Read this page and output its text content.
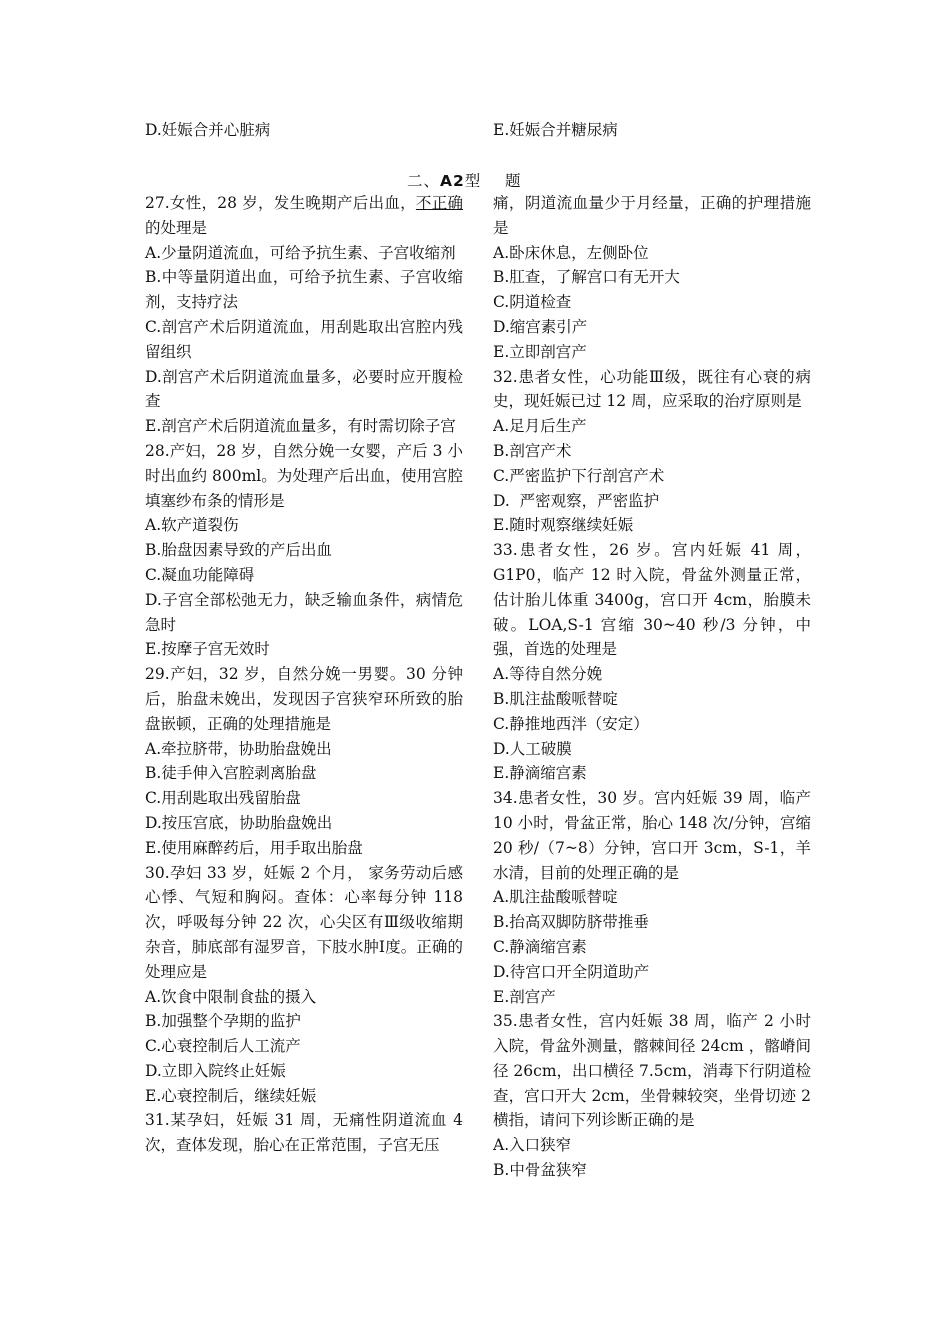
D.妊娠合并心脏病	E.妊娠合并糖尿病
二、A2型    题

27.女性，28 岁，发生晚期产后出血，不正确的处理是

A.少量阴道流血，可给予抗生素、子宫收缩剂

B.中等量阴道出血，可给予抗生素、子宫收缩剂，支持疗法

C.剖宫产术后阴道流血，用刮匙取出宫腔内残留组织

D.剖宫产术后阴道流血量多，必要时应开腹检查

E.剖宫产术后阴道流血量多，有时需切除子宫

28.产妇，28 岁，自然分娩一女婴，产后 3 小时出血约 800ml。为处理产后出血，使用宫腔填塞纱布条的情形是

A.软产道裂伤

B.胎盘因素导致的产后出血

C.凝血功能障碍

D.子宫全部松弛无力，缺乏输血条件，病情危急时

E.按摩子宫无效时

29.产妇，32 岁，自然分娩一男婴。30 分钟后，胎盘未娩出，发现因子宫狭窄环所致的胎盘嵌顿，正确的处理措施是

A.牵拉脐带，协助胎盘娩出

B.徒手伸入宫腔剥离胎盘

C.用刮匙取出残留胎盘

D.按压宫底，协助胎盘娩出

E.使用麻醉药后，用手取出胎盘

30.孕妇 33 岁，妊娠 2 个月， 家务劳动后感心悸、气短和胸闷。查体：心率每分钟 118 次，呼吸每分钟 22 次，心尖区有Ⅲ级收缩期杂音，肺底部有湿罗音，下肢水肿Ⅰ度。正确的处理应是

A.饮食中限制食盐的摄入

B.加强整个孕期的监护

C.心衰控制后人工流产

D.立即入院终止妊娠

E.心衰控制后，继续妊娠

31.某孕妇，妊娠 31 周，无痛性阴道流血 4 次，查体发现，胎心在正常范围，子宫无压

痛，阴道流血量少于月经量，正确的护理措施是

A.卧床休息，左侧卧位

B.肛查，了解宫口有无开大

C.阴道检查

D.缩宫素引产

E.立即剖宫产

32.患者女性，心功能Ⅲ级，既往有心衰的病史，现妊娠已过 12 周，应采取的治疗原则是

A.足月后生产

B.剖宫产术

C.严密监护下行剖宫产术

D.  严密观察，严密监护

E.随时观察继续妊娠

33.患者女性，26 岁。宫内妊娠 41 周，G1P0，临产 12 时入院，骨盆外测量正常，估计胎儿体重 3400g，宫口开 4cm，胎膜未破。LOA,S-1 宫缩 30~40 秒/3 分钟，中强，首选的处理是

A.等待自然分娩

B.肌注盐酸哌替啶

C.静推地西泮（安定）

D.人工破膜

E.静滴缩宫素

34.患者女性，30 岁。宫内妊娠 39 周，临产 10 小时，骨盆正常，胎心 148 次/分钟，宫缩 20 秒/（7~8）分钟，宫口开 3cm，S-1，羊水清，目前的处理正确的是

A.肌注盐酸哌替啶

B.抬高双脚防脐带推垂

C.静滴缩宫素

D.待宫口开全阴道助产

E.剖宫产

35.患者女性，宫内妊娠 38 周，临产 2 小时入院，骨盆外测量，髂棘间径 24cm ，髂嵴间径 26cm，出口横径 7.5cm，消毒下行阴道检查，宫口开大 2cm，坐骨棘较突，坐骨切迹 2 横指，请问下列诊断正确的是

A.入口狭窄

B.中骨盆狭窄
